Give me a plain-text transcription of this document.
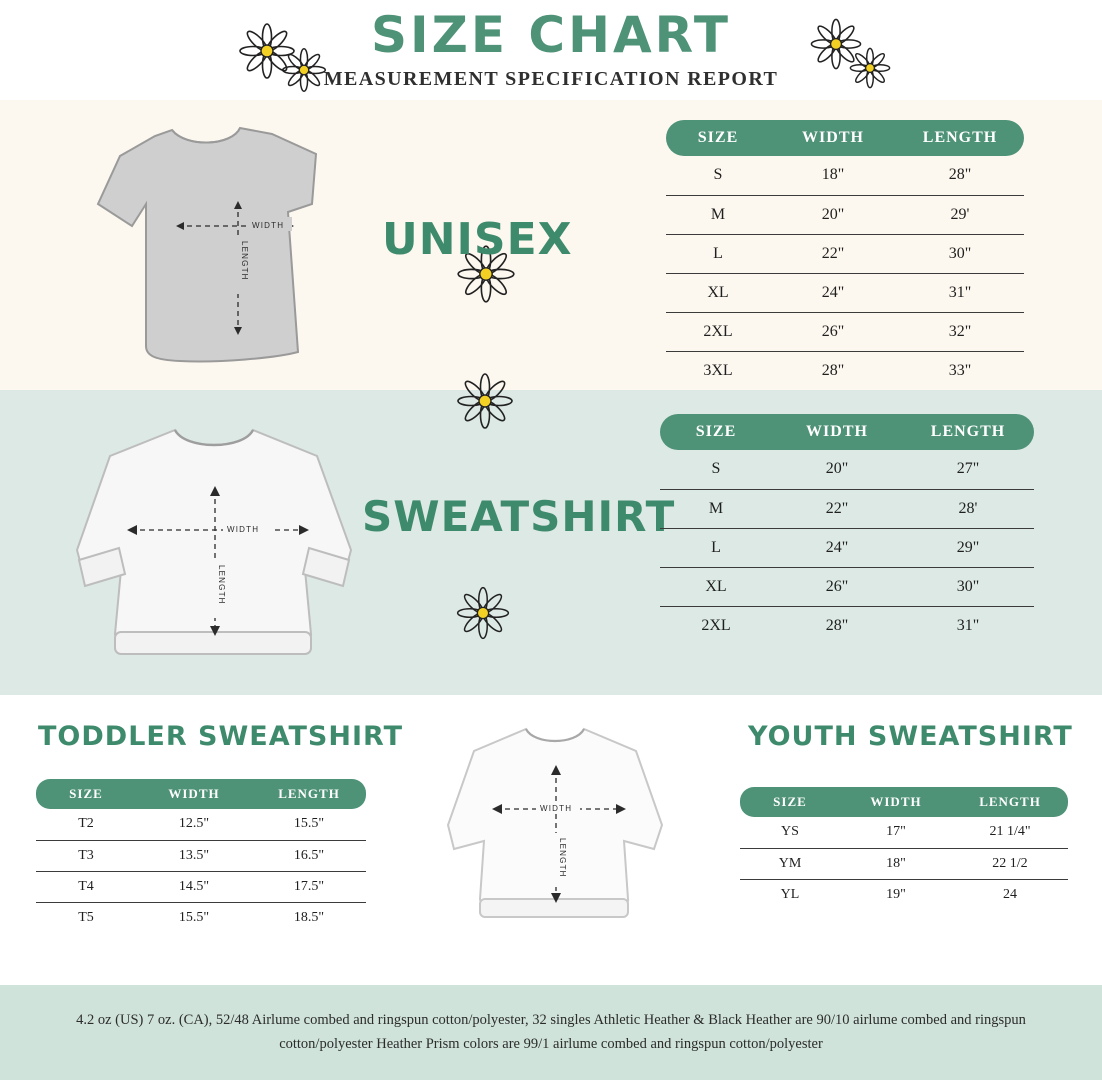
SIZE CHART
MEASUREMENT SPECIFICATION REPORT
WIDTH
LENGTH	UNISEX
SIZE	WIDTH	LENGTH
S	18"	28"
M	20"	29'
L	22"	30"
XL	24"	31"
2XL	26"	32"
3XL	28"	33"
WIDTH
LENGTH
SWEATSHIRT
SIZE	WIDTH	LENGTH
S	20"	27"
M	22"	28'
L	24"	29"
XL	26"	30"
2XL	28"	31"
TODDLER SWEATSHIRT	YOUTH SWEATSHIRT
WIDTH
LENGTH
SIZE	WIDTH	LENGTH
T2	12.5"	15.5"
T3	13.5"	16.5"
T4	14.5"	17.5"
T5	15.5"	18.5"
SIZE	WIDTH	LENGTH
YS	17"	21 1/4"
YM	18"	22 1/2
YL	19"	24
4.2 oz (US) 7 oz. (CA), 52/48 Airlume combed and ringspun cotton/polyester, 32 singles Athletic Heather & Black Heather are 90/10 airlume combed and ringspun cotton/polyester Heather Prism colors are 99/1 airlume combed and ringspun cotton/polyester
